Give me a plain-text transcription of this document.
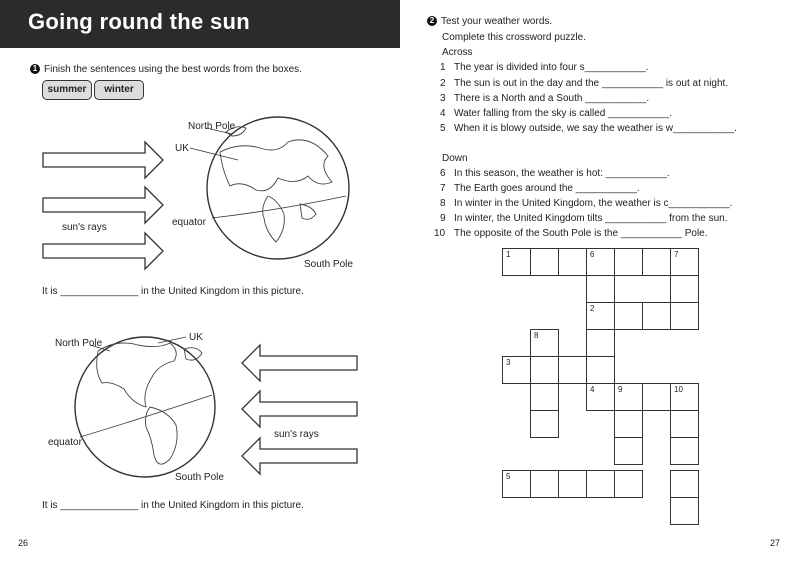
Going round the sun
1 Finish the sentences using the best words from the boxes.
summer	winter
North Pole
UK
equator
sun's rays
South Pole
It is ______________ in the United Kingdom in this picture.
North Pole
UK
sun's rays
equator
South Pole
It is ______________ in the United Kingdom in this picture.
26
2 Test your weather words.
Complete this crossword puzzle.
Across
1 The year is divided into four s___________.
2 The sun is out in the day and the ___________ is out at night.
3 There is a North and a South ___________.
4 Water falling from the sky is called ___________.
5 When it is blowy outside, we say the weather is w___________.
Down
6 In this season, the weather is hot: ___________.
7 The Earth goes around the ___________.
8 In winter in the United Kingdom, the weather is c___________.
9 In winter, the United Kingdom tilts ___________ from the sun.
10 The opposite of the South Pole is the ___________ Pole.
1	6	7
2
8
3
4	9	10
5
27
